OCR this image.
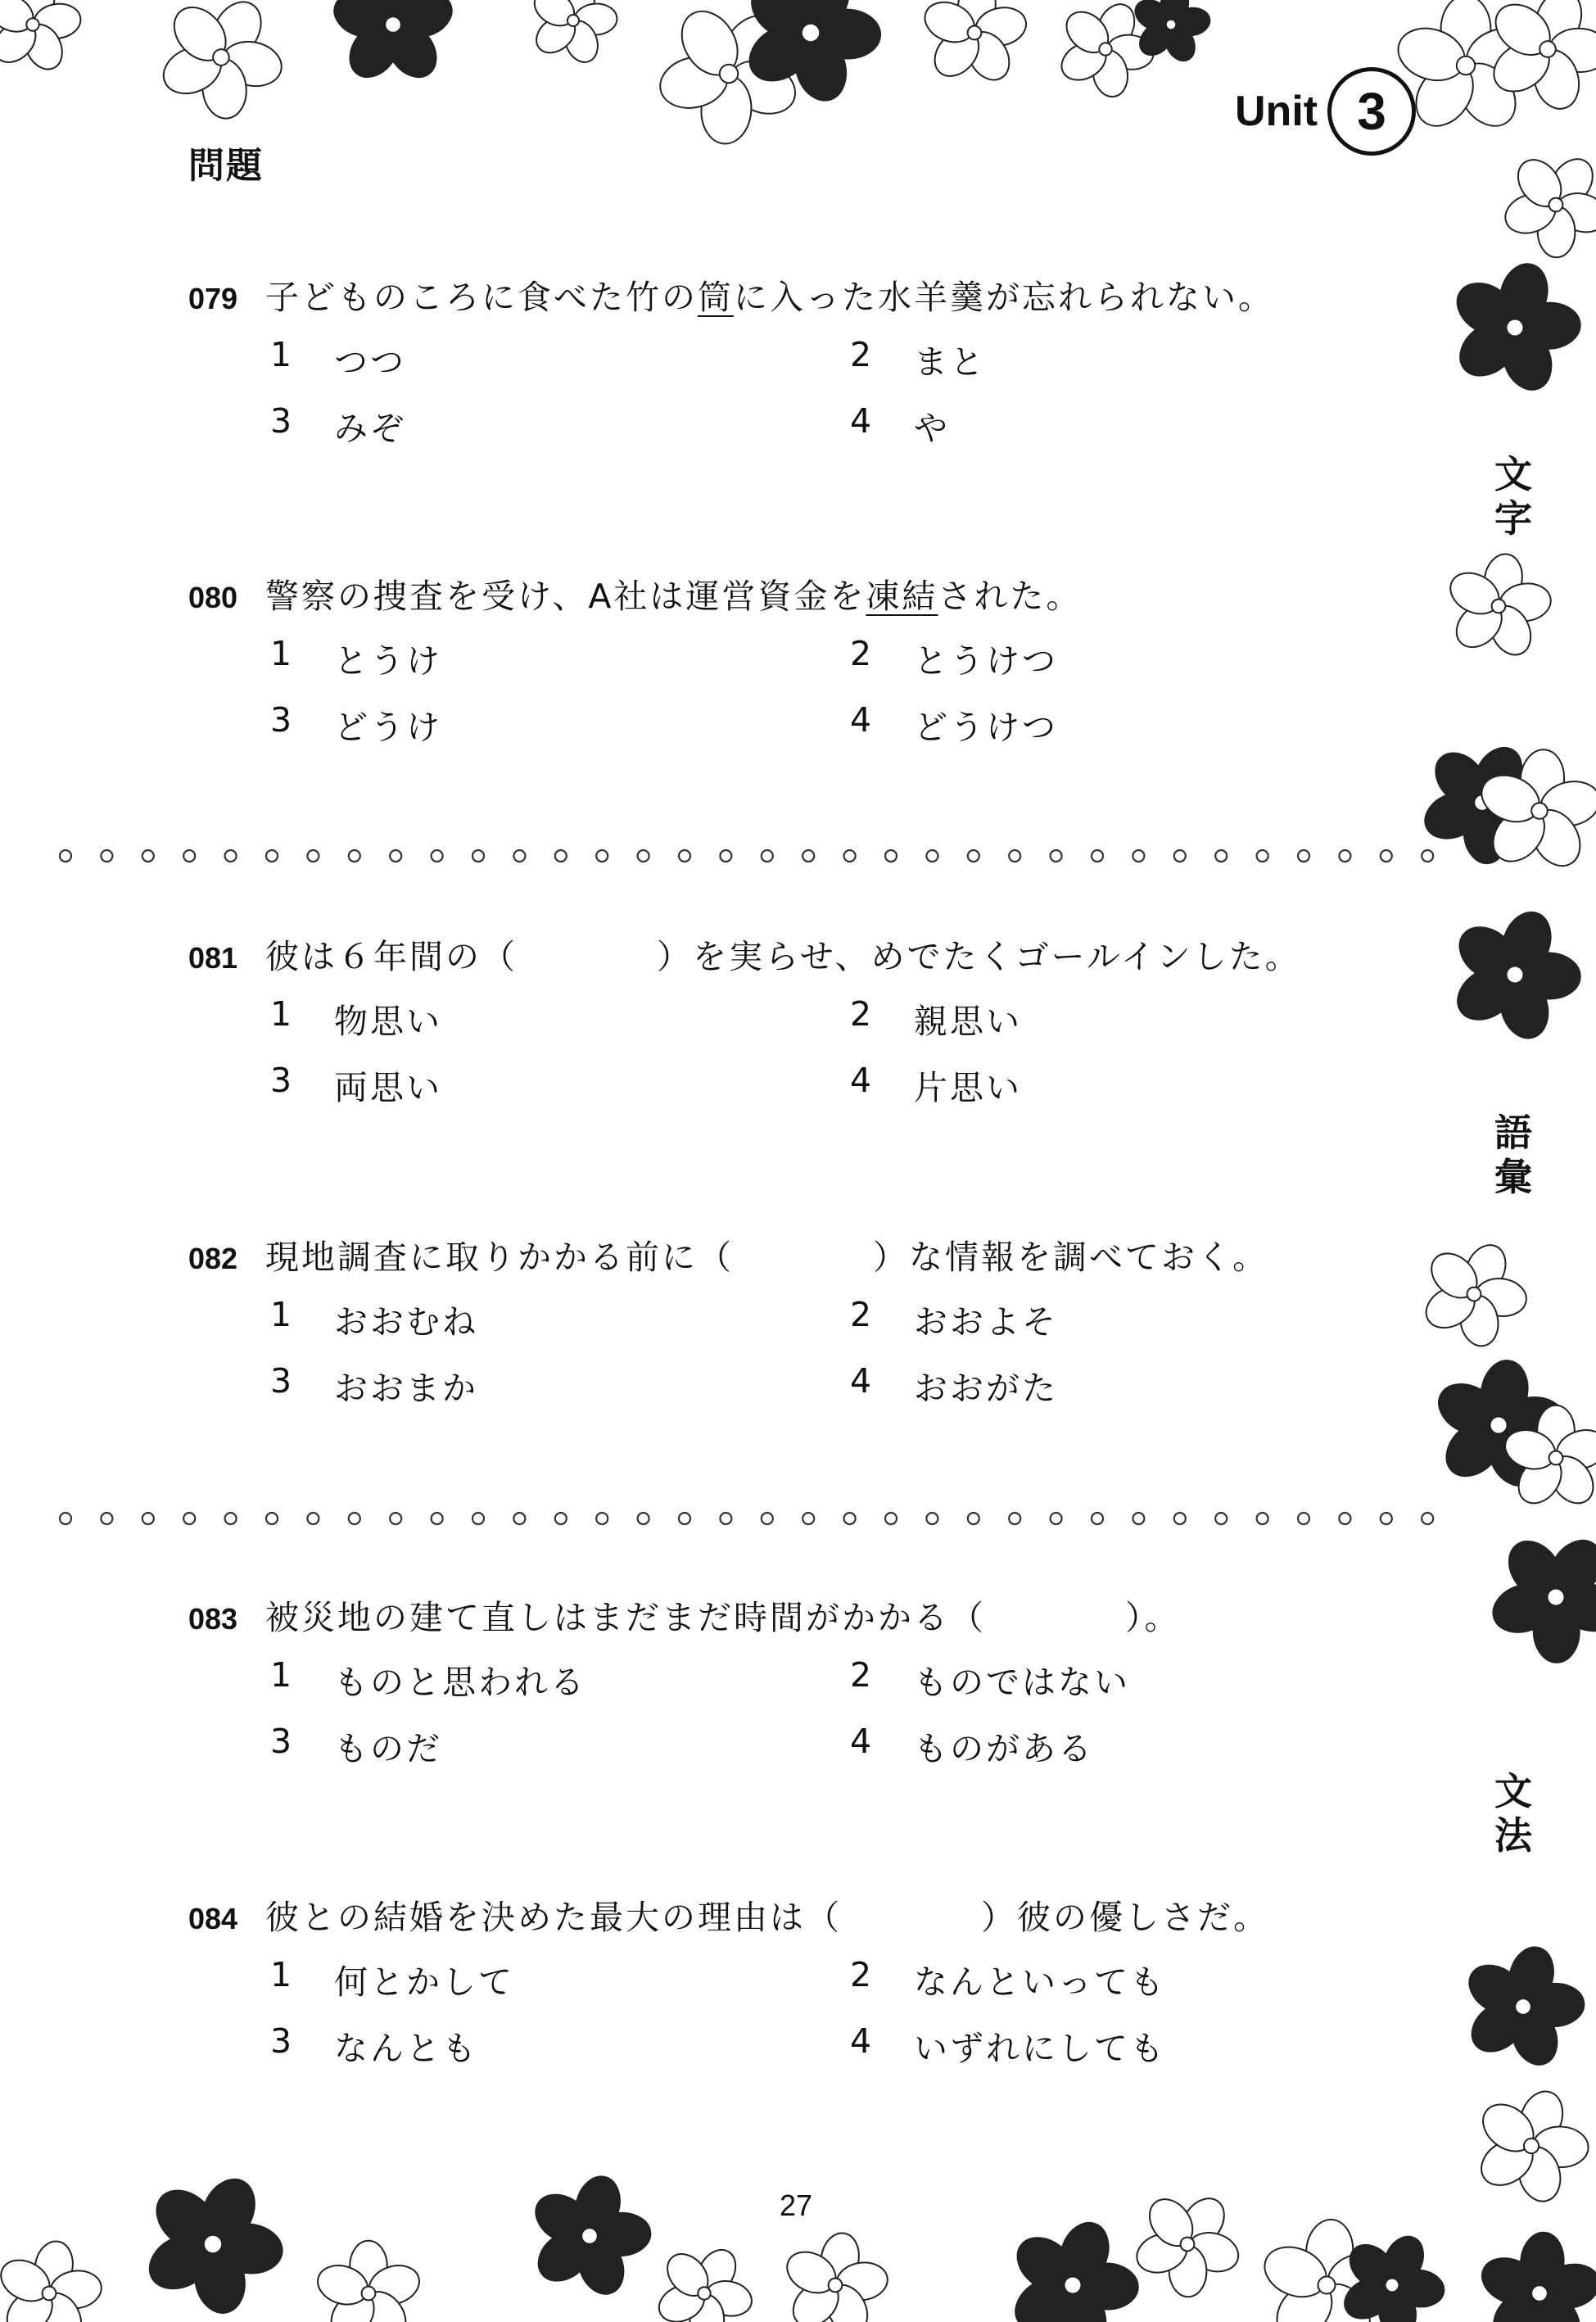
Unit 3
問題
079 子どものころに食べた竹の筒に入った水羊羹が忘れられない。
1	つつ	2	まと
3	みぞ	4	や
080 警察の捜査を受け、A社は運営資金を凍結された。
1	とうけ	2	とうけつ
3	どうけ	4	どうけつ
081 彼は６年間の（	）を実らせ、めでたくゴールインした。
1	物思い	2	親思い
3	両思い	4	片思い
082 現地調査に取りかかる前に（	）な情報を調べておく。
1	おおむね	2	おおよそ
3	おおまか	4	おおがた
083 被災地の建て直しはまだまだ時間がかかる（	）。
1	ものと思われる	2	ものではない
3	ものだ	4	ものがある
084 彼との結婚を決めた最大の理由は（	）彼の優しさだ。
1	何とかして	2	なんといっても
3	なんとも	4	いずれにしても
文字
語彙
文法
27
